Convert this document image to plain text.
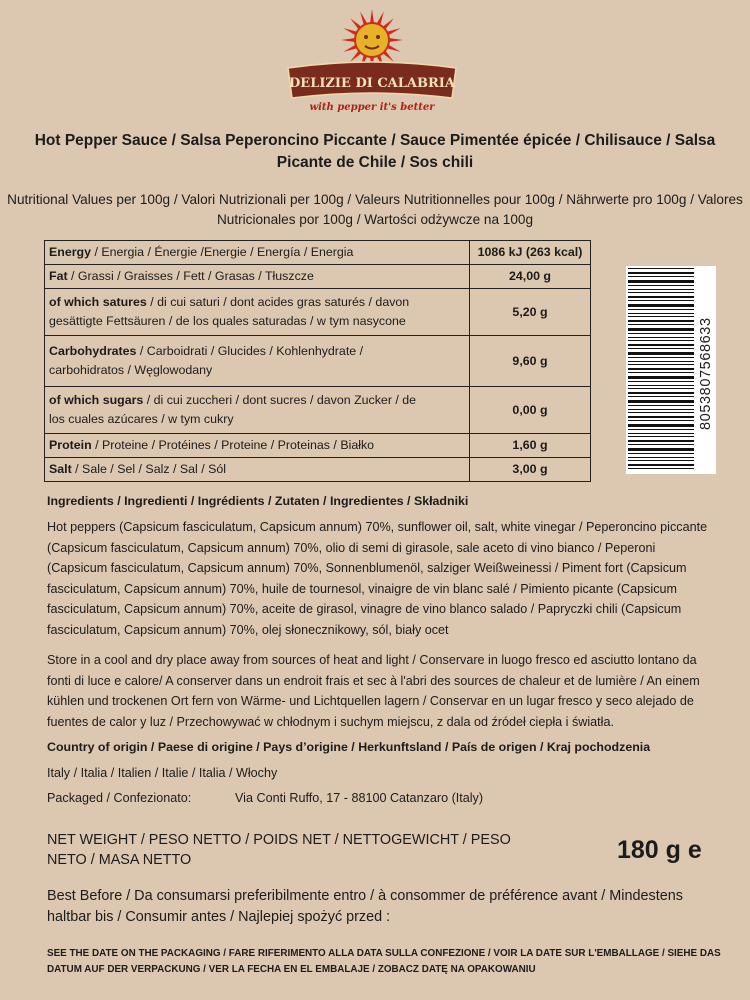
DELIZIE DI CALABRIA
with pepper it's better
Hot Pepper Sauce / Salsa Peperoncino Piccante / Sauce Pimentée épicée / Chilisauce / Salsa Picante de Chile / Sos chili
Nutritional Values per 100g / Valori Nutrizionali per 100g / Valeurs Nutritionnelles pour 100g / Nährwerte pro 100g / Valores Nutricionales por 100g / Wartości odżywcze na 100g
Energy / Energia / Énergie /Energie / Energía / Energia	1086 kJ (263 kcal)
Fat / Grassi / Graisses / Fett / Grasas / Tłuszcze	24,00 g
of which satures / di cui saturi / dont acides gras saturés / davon gesättigte Fettsäuren / de los quales saturadas / w tym nasycone	5,20 g
Carbohydrates / Carboidrati / Glucides / Kohlenhydrate / carbohidratos / Węglowodany	9,60 g
of which sugars / di cui zuccheri / dont sucres / davon Zucker / de los cuales azúcares / w tym cukry	0,00 g
Protein / Proteine / Protéines / Proteine / Proteinas / Białko	1,60 g
Salt / Sale / Sel / Salz / Sal / Sól	3,00 g
8053807568633
Ingredients / Ingredienti / Ingrédients / Zutaten / Ingredientes / Składniki
Hot peppers (Capsicum fasciculatum, Capsicum annum) 70%, sunflower oil, salt, white vinegar / Peperoncino piccante (Capsicum fasciculatum, Capsicum annum) 70%, olio di semi di girasole, sale aceto di vino bianco / Peperoni (Capsicum fasciculatum, Capsicum annum) 70%, Sonnenblumenöl, salziger Weißweinessi / Piment fort (Capsicum fasciculatum, Capsicum annum) 70%, huile de tournesol, vinaigre de vin blanc salé / Pimiento picante (Capsicum fasciculatum, Capsicum annum) 70%, aceite de girasol, vinagre de vino blanco salado / Papryczki chili (Capsicum fasciculatum, Capsicum annum) 70%, olej słonecznikowy, sól, biały ocet
Store in a cool and dry place away from sources of heat and light / Conservare in luogo fresco ed asciutto lontano da fonti di luce e calore/ A conserver dans un endroit frais et sec à l'abri des sources de chaleur et de lumière / An einem kühlen und trockenen Ort fern von Wärme- und Lichtquellen lagern / Conservar en un lugar fresco y seco alejado de fuentes de calor y luz / Przechowywać w chłodnym i suchym miejscu, z dala od źródeł ciepła i światła.
Country of origin / Paese di origine / Pays d’origine / Herkunftsland / País de origen / Kraj pochodzenia
Italy / Italia / Italien / Italie / Italia / Włochy
Packaged / Confezionato:	Via Conti Ruffo, 17 - 88100 Catanzaro (Italy)
NET WEIGHT / PESO NETTO / POIDS NET / NETTOGEWICHT / PESO NETO / MASA NETTO	180 g e
Best Before / Da consumarsi preferibilmente entro / à consommer de préférence avant / Mindestens haltbar bis / Consumir antes / Najlepiej spożyć przed :
SEE THE DATE ON THE PACKAGING / FARE RIFERIMENTO ALLA DATA SULLA CONFEZIONE / VOIR LA DATE SUR L'EMBALLAGE / SIEHE DAS DATUM AUF DER VERPACKUNG / VER LA FECHA EN EL EMBALAJE / ZOBACZ DATĘ NA OPAKOWANIU
